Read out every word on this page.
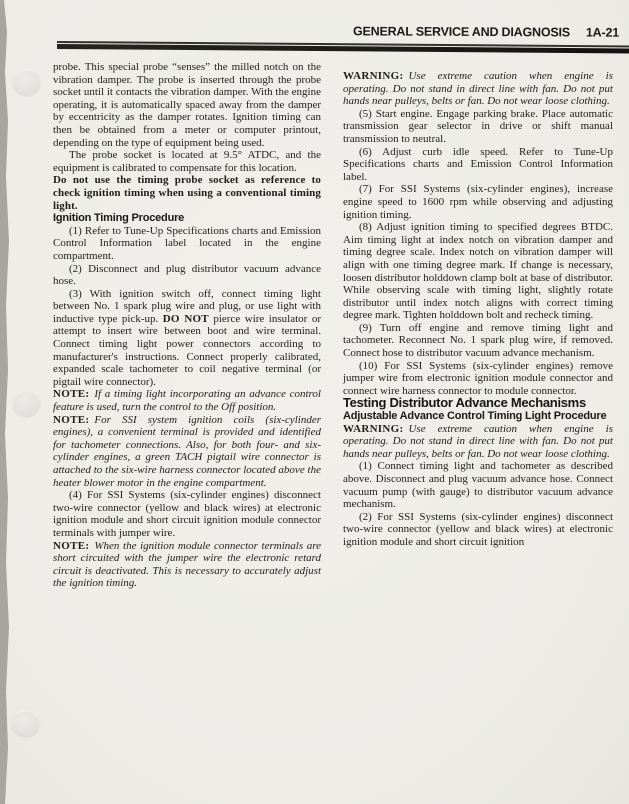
GENERAL SERVICE AND DIAGNOSIS 1A-21

probe. This special probe “senses” the milled notch on the vibration damper. The probe is inserted through the probe socket until it contacts the vibration damper. With the engine operating, it is automatically spaced away from the damper by eccentricity as the damper rotates. Ignition timing can then be obtained from a meter or computer printout, depending on the type of equipment being used.

The probe socket is located at 9.5° ATDC, and the equipment is calibrated to compensate for this location.

Do not use the timing probe socket as reference to check ignition timing when using a conventional timing light.

Ignition Timing Procedure

(1) Refer to Tune-Up Specifications charts and Emission Control Information label located in the engine compartment.

(2) Disconnect and plug distributor vacuum advance hose.

(3) With ignition switch off, connect timing light between No. 1 spark plug wire and plug, or use light with inductive type pick-up. DO NOT pierce wire insulator or attempt to insert wire between boot and wire terminal. Connect timing light power connectors according to manufacturer's instructions. Connect properly calibrated, expanded scale tachometer to coil negative terminal (or pigtail wire connector).

NOTE: If a timing light incorporating an advance control feature is used, turn the control to the Off position.

NOTE: For SSI system ignition coils (six-cylinder engines), a convenient terminal is provided and identified for tachometer connections. Also, for both four- and six-cylinder engines, a green TACH pigtail wire connector is attached to the six-wire harness connector located above the heater blower motor in the engine compartment.

(4) For SSI Systems (six-cylinder engines) disconnect two-wire connector (yellow and black wires) at electronic ignition module and short circuit ignition module connector terminals with jumper wire.

NOTE: When the ignition module connector terminals are short circuited with the jumper wire the electronic retard circuit is deactivated. This is necessary to accurately adjust the ignition timing.

WARNING: Use extreme caution when engine is operating. Do not stand in direct line with fan. Do not put hands near pulleys, belts or fan. Do not wear loose clothing.

(5) Start engine. Engage parking brake. Place automatic transmission gear selector in drive or shift manual transmission to neutral.

(6) Adjust curb idle speed. Refer to Tune-Up Specifications charts and Emission Control Information label.

(7) For SSI Systems (six-cylinder engines), increase engine speed to 1600 rpm while observing and adjusting ignition timing.

(8) Adjust ignition timing to specified degrees BTDC. Aim timing light at index notch on vibration damper and timing degree scale. Index notch on vibration damper will align with one timing degree mark. If change is necessary, loosen distributor holddown clamp bolt at base of distributor. While observing scale with timing light, slightly rotate distributor until index notch aligns with correct timing degree mark. Tighten holddown bolt and recheck timing.

(9) Turn off engine and remove timing light and tachometer. Reconnect No. 1 spark plug wire, if removed. Connect hose to distributor vacuum advance mechanism.

(10) For SSI Systems (six-cylinder engines) remove jumper wire from electronic ignition module connector and connect wire harness connector to module connector.

Testing Distributor Advance Mechanisms
Adjustable Advance Control Timing Light Procedure

WARNING: Use extreme caution when engine is operating. Do not stand in direct line with fan. Do not put hands near pulleys, belts or fan. Do not wear loose clothing.

(1) Connect timing light and tachometer as described above. Disconnect and plug vacuum advance hose. Connect vacuum pump (with gauge) to distributor vacuum advance mechanism.

(2) For SSI Systems (six-cylinder engines) disconnect two-wire connector (yellow and black wires) at electronic ignition module and short circuit ignition
